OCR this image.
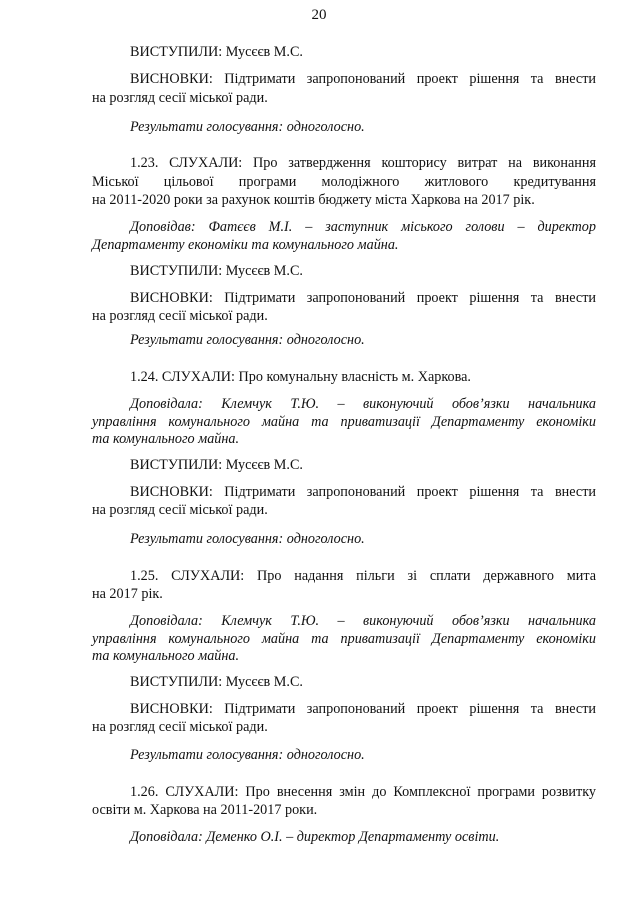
20
ВИСТУПИЛИ: Мусєєв М.С.
ВИСНОВКИ: Підтримати запропонований проект рішення та внести
на розгляд сесії міської ради.
Результати голосування: одноголосно.
1.23. СЛУХАЛИ: Про затвердження кошторису витрат на виконання
Міської цільової програми молодіжного житлового кредитування
на 2011-2020 роки за рахунок коштів бюджету міста Харкова на 2017 рік.
Доповідав: Фатєєв М.І. – заступник міського голови – директор
Департаменту економіки та комунального майна.
ВИСТУПИЛИ: Мусєєв М.С.
ВИСНОВКИ: Підтримати запропонований проект рішення та внести
на розгляд сесії міської ради.
Результати голосування: одноголосно.
1.24. СЛУХАЛИ: Про комунальну власність м. Харкова.
Доповідала: Клемчук Т.Ю. – виконуючий обов’язки начальника
управління комунального майна та приватизації Департаменту економіки
та комунального майна.
ВИСТУПИЛИ: Мусєєв М.С.
ВИСНОВКИ: Підтримати запропонований проект рішення та внести
на розгляд сесії міської ради.
Результати голосування: одноголосно.
1.25. СЛУХАЛИ: Про надання пільги зі сплати державного мита
на 2017 рік.
Доповідала: Клемчук Т.Ю. – виконуючий обов’язки начальника
управління комунального майна та приватизації Департаменту економіки
та комунального майна.
ВИСТУПИЛИ: Мусєєв М.С.
ВИСНОВКИ: Підтримати запропонований проект рішення та внести
на розгляд сесії міської ради.
Результати голосування: одноголосно.
1.26. СЛУХАЛИ: Про внесення змін до Комплексної програми розвитку
освіти м. Харкова на 2011-2017 роки.
Доповідала: Деменко О.І. – директор Департаменту освіти.
